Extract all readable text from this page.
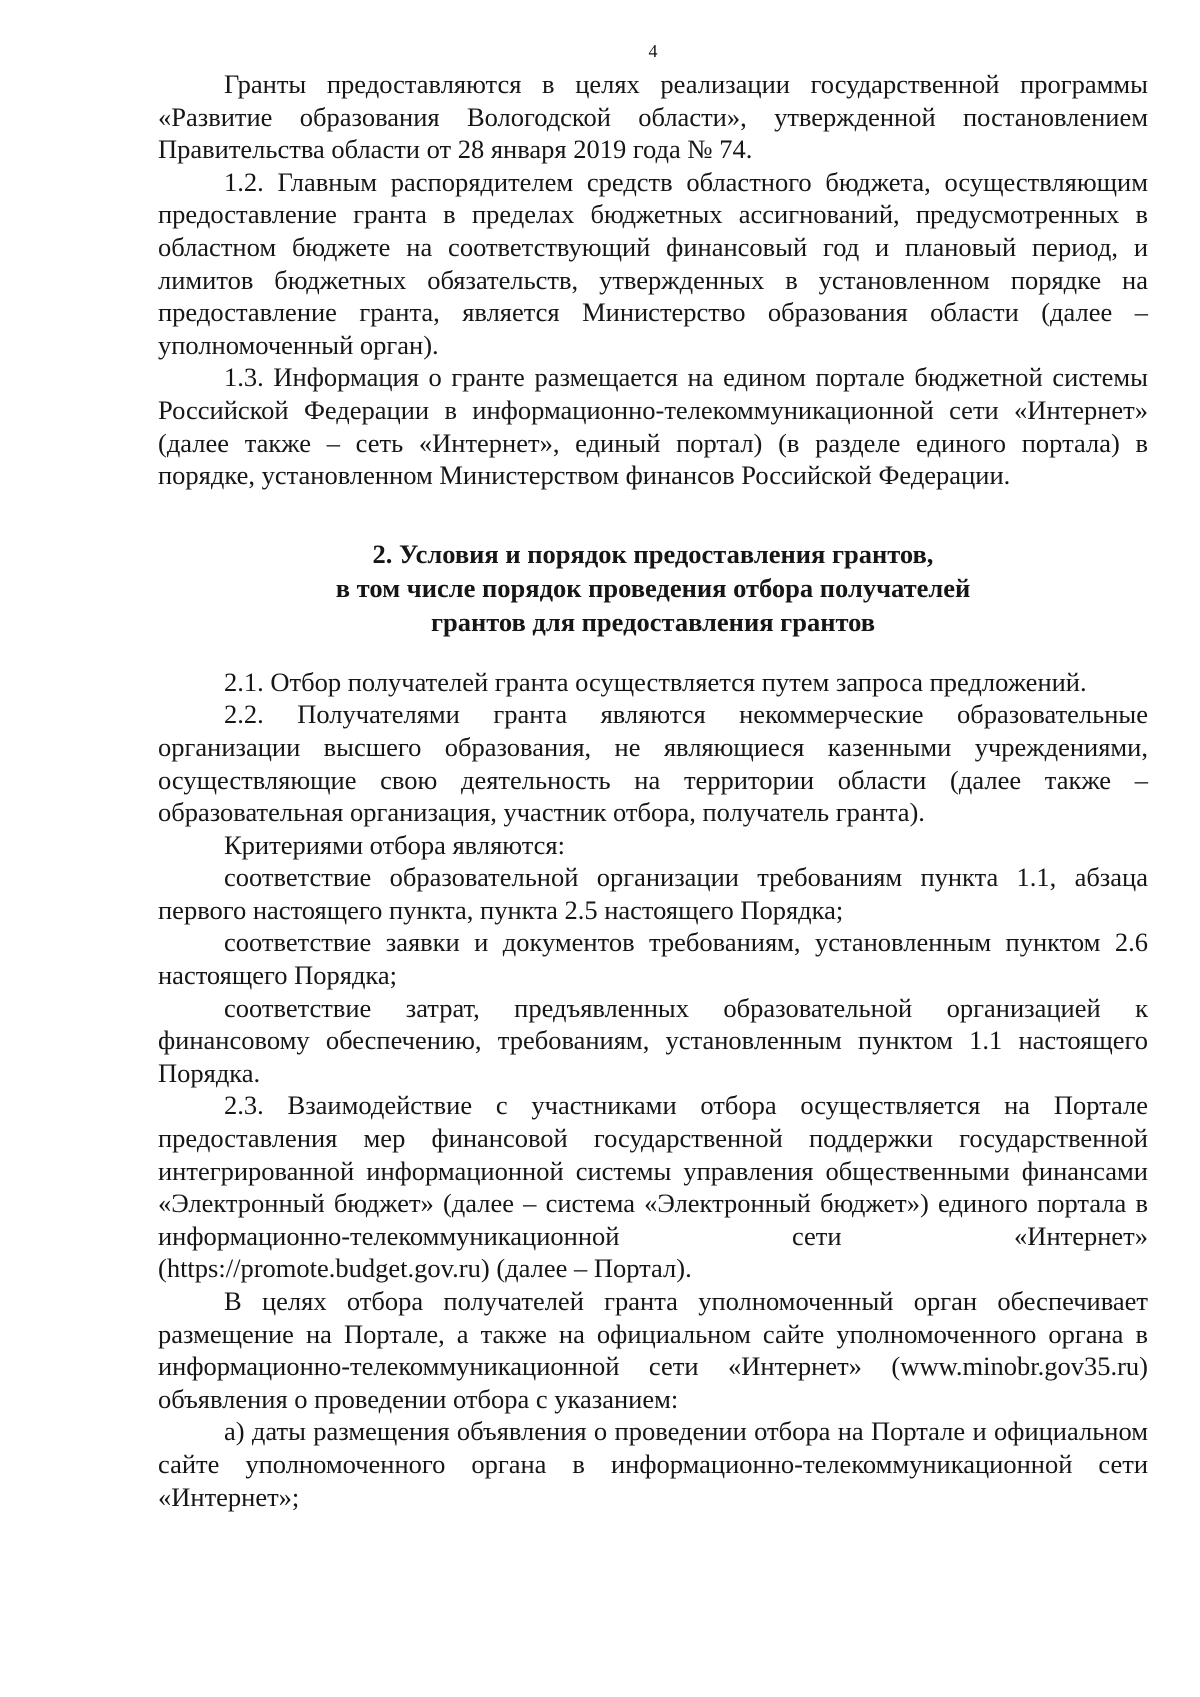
4

Гранты предоставляются в целях реализации государственной программы «Развитие образования Вологодской области», утвержденной постановлением Правительства области от 28 января 2019 года № 74.

1.2. Главным распорядителем средств областного бюджета, осуществляющим предоставление гранта в пределах бюджетных ассигнований, предусмотренных в областном бюджете на соответствующий финансовый год и плановый период, и лимитов бюджетных обязательств, утвержденных в установленном порядке на предоставление гранта, является Министерство образования области (далее – уполномоченный орган).

1.3. Информация о гранте размещается на едином портале бюджетной системы Российской Федерации в информационно-телекоммуникационной сети «Интернет» (далее также – сеть «Интернет», единый портал) (в разделе единого портала) в порядке, установленном Министерством финансов Российской Федерации.

2. Условия и порядок предоставления грантов,
в том числе порядок проведения отбора получателей
грантов для предоставления грантов

2.1. Отбор получателей гранта осуществляется путем запроса предложений.

2.2. Получателями гранта являются некоммерческие образовательные организации высшего образования, не являющиеся казенными учреждениями, осуществляющие свою деятельность на территории области (далее также – образовательная организация, участник отбора, получатель гранта).

Критериями отбора являются:

соответствие образовательной организации требованиям пункта 1.1, абзаца первого настоящего пункта, пункта 2.5 настоящего Порядка;

соответствие заявки и документов требованиям, установленным пунктом 2.6 настоящего Порядка;

соответствие затрат, предъявленных образовательной организацией к финансовому обеспечению, требованиям, установленным пунктом 1.1 настоящего Порядка.

2.3. Взаимодействие с участниками отбора осуществляется на Портале предоставления мер финансовой государственной поддержки государственной интегрированной информационной системы управления общественными финансами «Электронный бюджет» (далее – система «Электронный бюджет») единого портала в информационно-телекоммуникационной сети «Интернет» (https://promote.budget.gov.ru) (далее – Портал).

В целях отбора получателей гранта уполномоченный орган обеспечивает размещение на Портале, а также на официальном сайте уполномоченного органа в информационно-телекоммуникационной сети «Интернет» (www.minobr.gov35.ru) объявления о проведении отбора с указанием:

а) даты размещения объявления о проведении отбора на Портале и официальном сайте уполномоченного органа в информационно-телекоммуникационной сети «Интернет»;
